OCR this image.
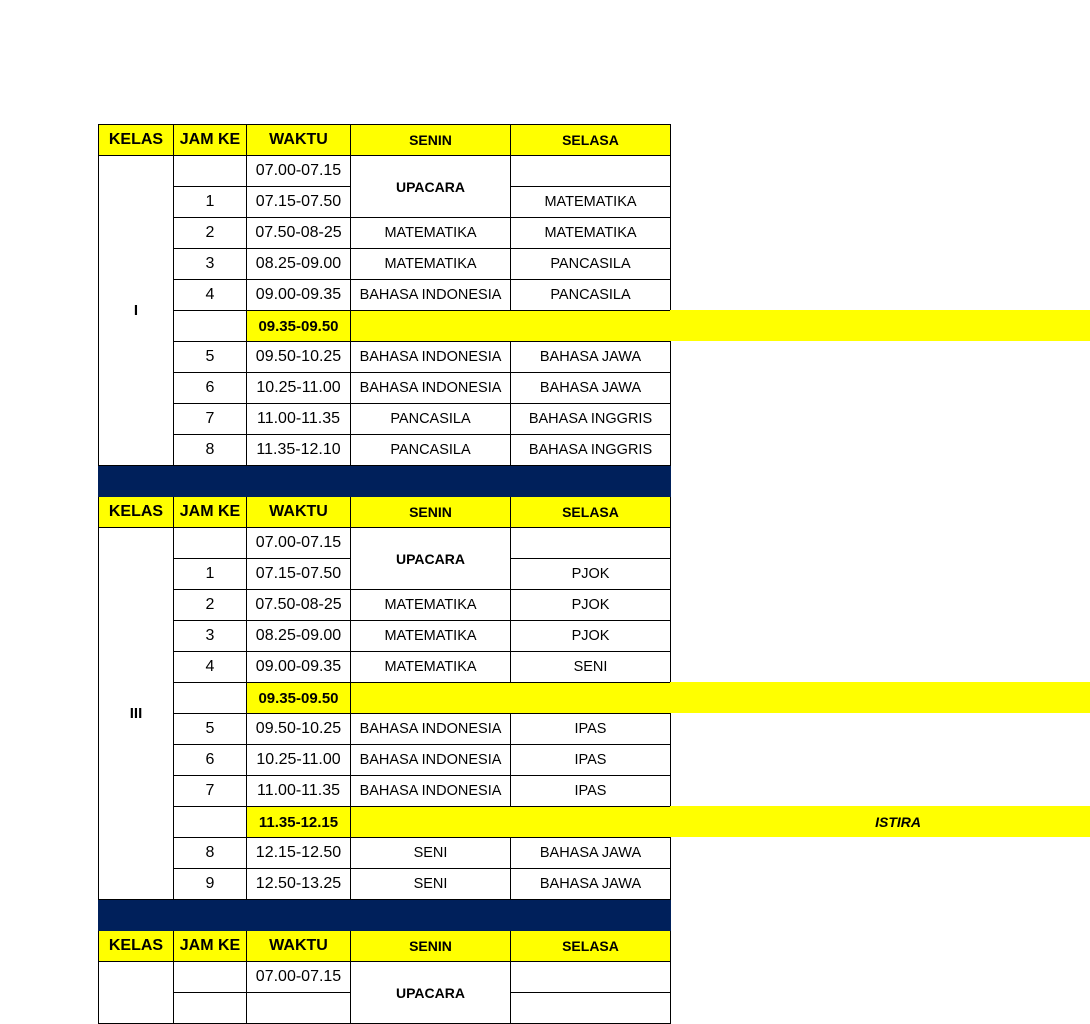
KELAS	JAM KE	WAKTU	SENIN	SELASA
I		07.00-07.15	UPACARA	
	1	07.15-07.50		MATEMATIKA
	2	07.50-08-25	MATEMATIKA	MATEMATIKA
	3	08.25-09.00	MATEMATIKA	PANCASILA
	4	09.00-09.35	BAHASA INDONESIA	PANCASILA
		09.35-09.50		

	5	09.50-10.25	BAHASA INDONESIA	BAHASA JAWA
	6	10.25-11.00	BAHASA INDONESIA	BAHASA JAWA
	7	11.00-11.35	PANCASILA	BAHASA INGGRIS
	8	11.35-12.10	PANCASILA	BAHASA INGGRIS

KELAS	JAM KE	WAKTU	SENIN	SELASA
III		07.00-07.15	UPACARA	
	1	07.15-07.50		PJOK
	2	07.50-08-25	MATEMATIKA	PJOK
	3	08.25-09.00	MATEMATIKA	PJOK
	4	09.00-09.35	MATEMATIKA	SENI
		09.35-09.50		

	5	09.50-10.25	BAHASA INDONESIA	IPAS
	6	10.25-11.00	BAHASA INDONESIA	IPAS
	7	11.00-11.35	BAHASA INDONESIA	IPAS
		11.35-12.15	ISTIRA	

	8	12.15-12.50	SENI	BAHASA JAWA
	9	12.50-13.25	SENI	BAHASA JAWA

KELAS	JAM KE	WAKTU	SENIN	SELASA
		07.00-07.15	UPACARA	
